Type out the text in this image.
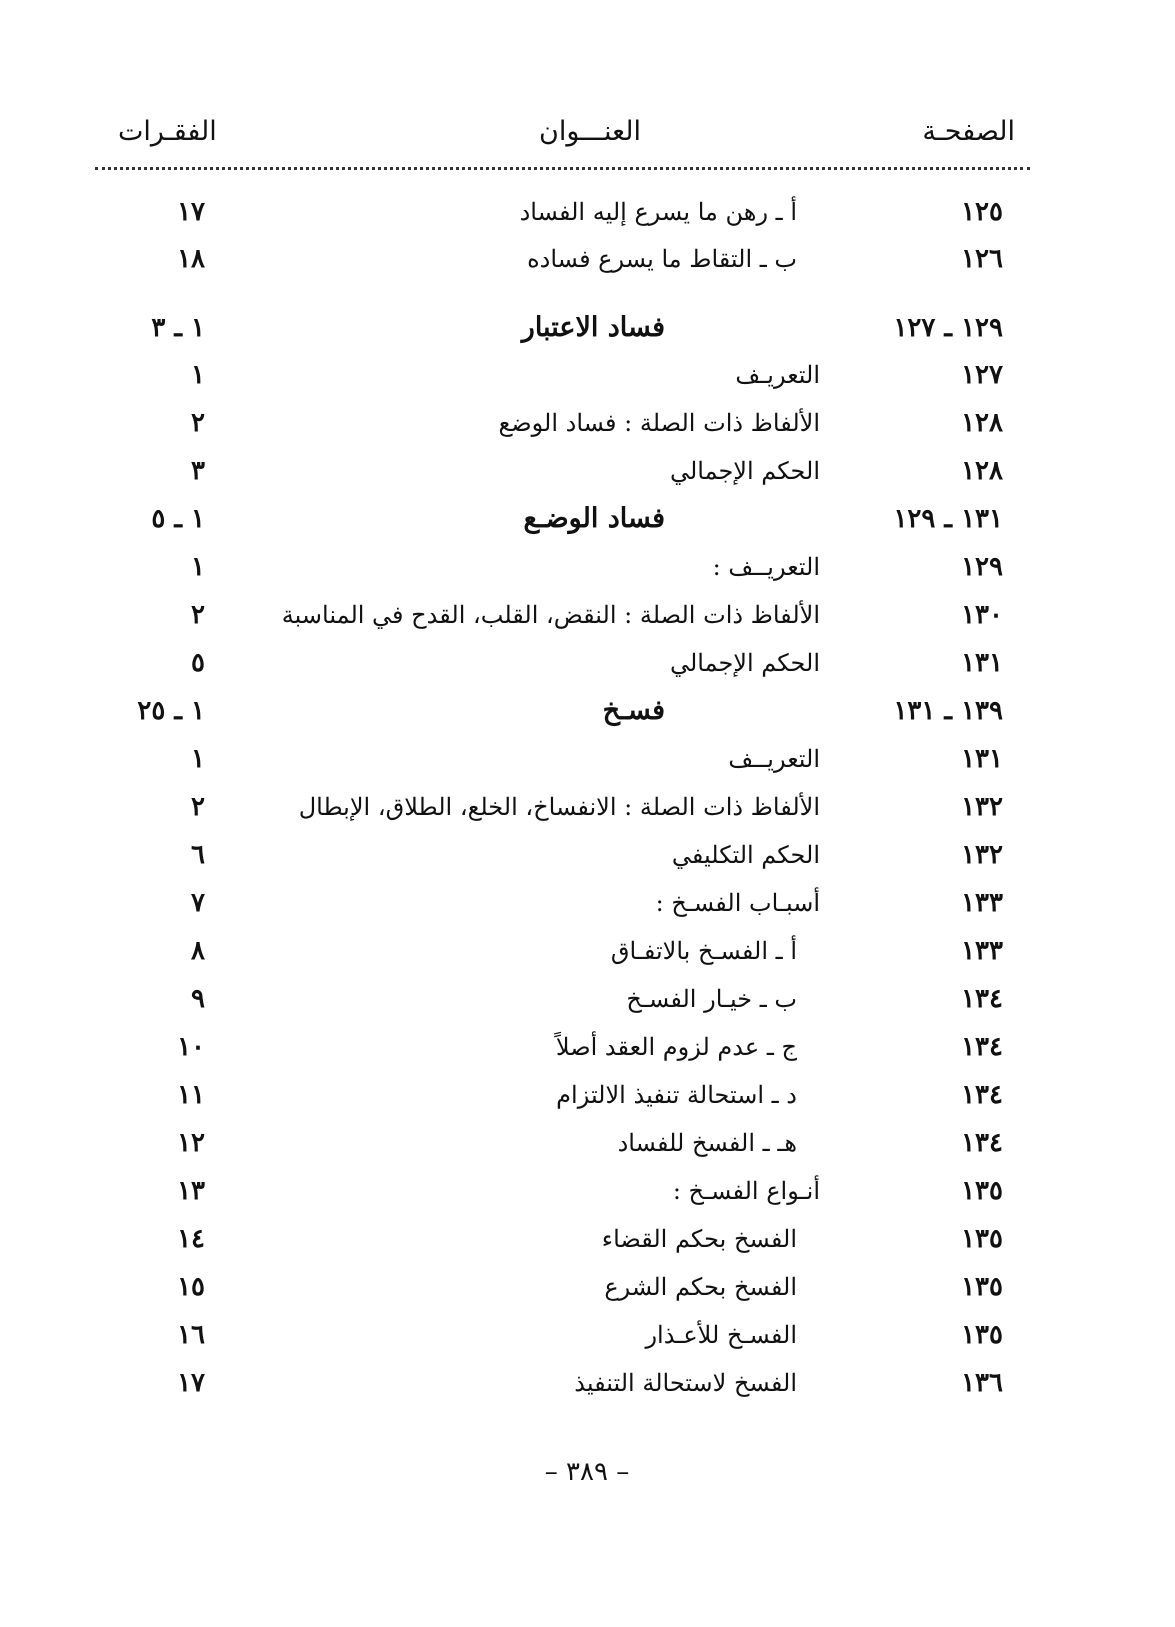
الصفحـة
العنـــوان
الفقـرات
١٢٥
أ ـ رهن ما يسرع إليه الفساد
١٧
١٢٦
ب ـ التقاط ما يسرع فساده
١٨
١٢٩ ـ ١٢٧
فساد الاعتبار
١ ـ ٣
١٢٧
التعريـف
١
١٢٨
الألفاظ ذات الصلة : فساد الوضع
٢
١٢٨
الحكم الإجمالي
٣
١٣١ ـ ١٢٩
فساد الوضـع
١ ـ ٥
١٢٩
التعريــف :
١
١٣٠
الألفاظ ذات الصلة : النقض، القلب، القدح في المناسبة
٢
١٣١
الحكم الإجمالي
٥
١٣٩ ـ ١٣١
فسـخ
١ ـ ٢٥
١٣١
التعريــف
١
١٣٢
الألفاظ ذات الصلة : الانفساخ، الخلع، الطلاق، الإبطال
٢
١٣٢
الحكم التكليفي
٦
١٣٣
أسبـاب الفسـخ :
٧
١٣٣
أ ـ الفسـخ بالاتفـاق
٨
١٣٤
ب ـ خيـار الفسـخ
٩
١٣٤
ج ـ عدم لزوم العقد أصلاً
١٠
١٣٤
د ـ استحالة تنفيذ الالتزام
١١
١٣٤
هـ ـ الفسخ للفساد
١٢
١٣٥
أنـواع الفسـخ :
١٣
١٣٥
الفسخ بحكم القضاء
١٤
١٣٥
الفسخ بحكم الشرع
١٥
١٣٥
الفسـخ للأعـذار
١٦
١٣٦
الفسخ لاستحالة التنفيذ
١٧
– ٣٨٩ –
